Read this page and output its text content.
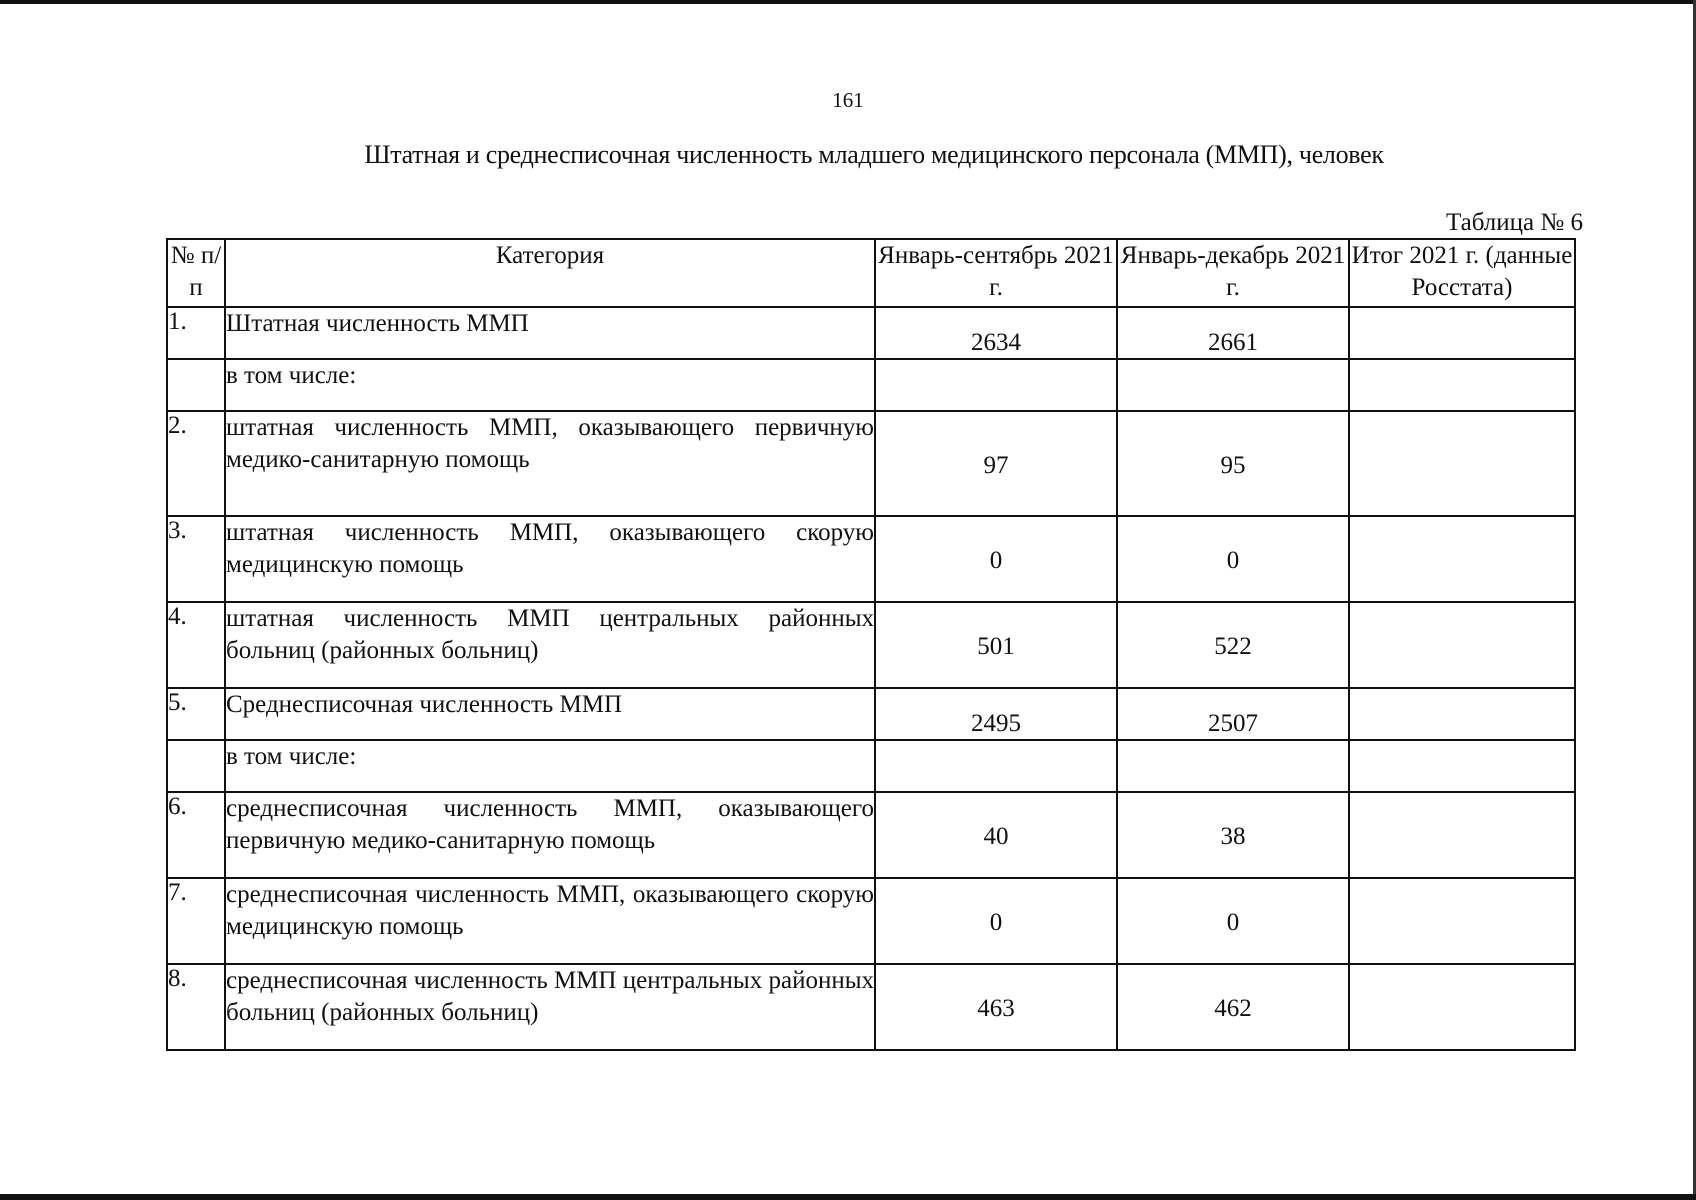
161
Штатная и среднесписочная численность младшего медицинского персонала (ММП), человек
Таблица № 6
№ п/п	Категория	Январь-сентябрь 2021 г.	Январь-декабрь 2021 г.	Итог 2021 г. (данные Росстата)
1.	Штатная численность ММП	2634	2661	
	в том числе:			
2.	штатная численность ММП, оказывающего первичную медико-санитарную помощь	97	95	
3.	штатная численность ММП, оказывающего скорую медицинскую помощь	0	0	
4.	штатная численность ММП центральных районных больниц (районных больниц)	501	522	
5.	Среднесписочная численность ММП	2495	2507	
	в том числе:			
6.	среднесписочная численность ММП, оказывающего первичную медико-санитарную помощь	40	38	
7.	среднесписочная численность ММП, оказывающего скорую медицинскую помощь	0	0	
8.	среднесписочная численность ММП центральных районных больниц (районных больниц)	463	462	
